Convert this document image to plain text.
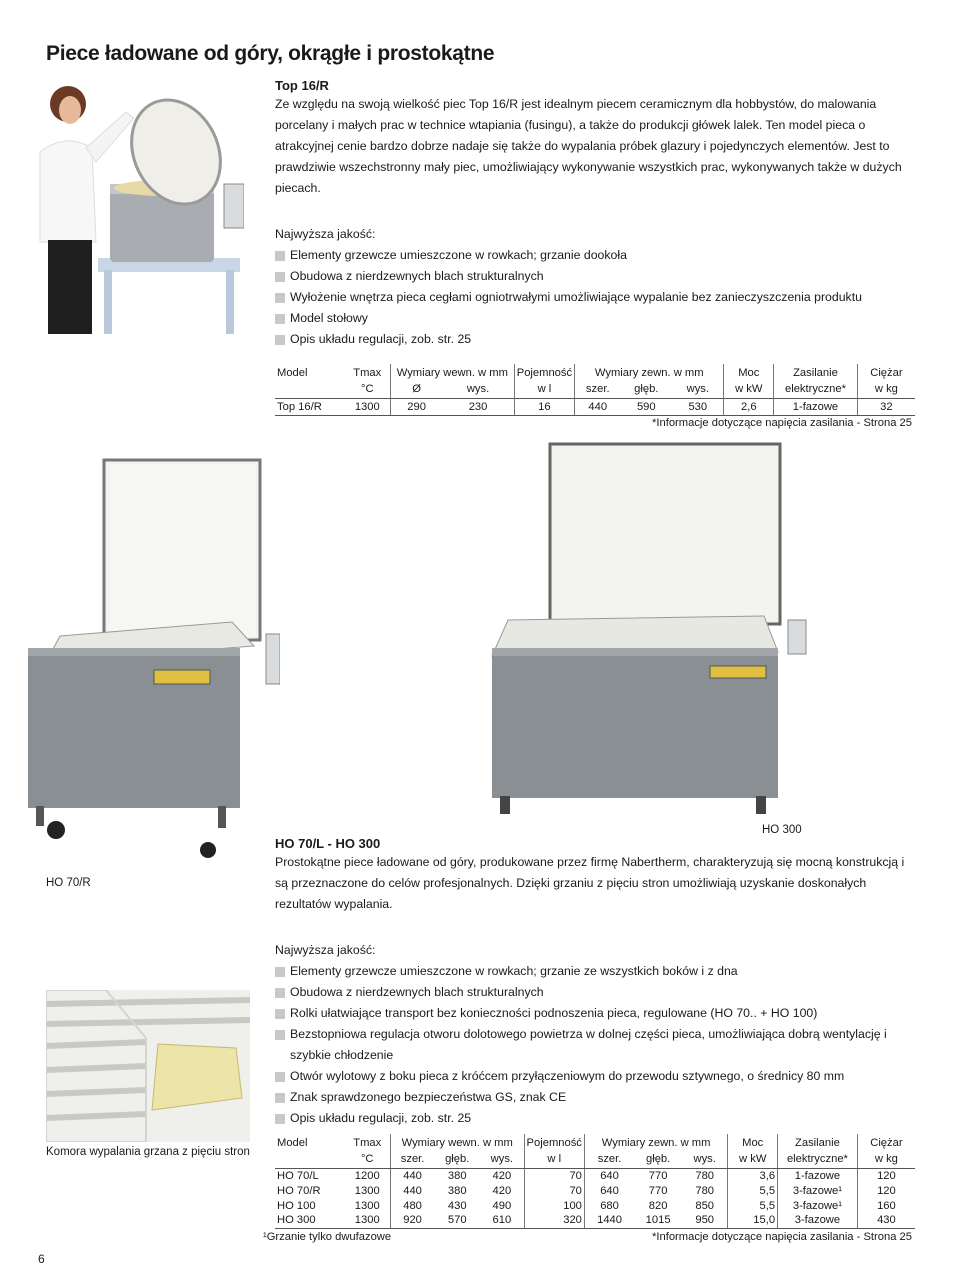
Piece ładowane od góry, okrągłe i prostokątne
Top 16/R
Ze względu na swoją wielkość piec Top 16/R jest idealnym piecem ceramicznym dla hobbystów, do malowania porcelany i małych prac w technice wtapiania (fusingu), a także do produkcji główek lalek. Ten model pieca o atrakcyjnej cenie bardzo dobrze nadaje się także do wypalania próbek glazury i pojedynczych elementów. Jest to prawdziwie wszechstronny mały piec, umożliwiający wykonywanie wszystkich prac, wykonywanych także w dużych piecach.
Najwyższa jakość:
Elementy grzewcze umieszczone w rowkach; grzanie dookoła
Obudowa z nierdzewnych blach strukturalnych
Wyłożenie wnętrza pieca cegłami ogniotrwałymi umożliwiające wypalanie bez zanieczyszczenia produktu
Model stołowy
Opis układu regulacji, zob. str. 25
Model	Tmax	Wymiary wewn. w mm		Pojemność	Wymiary zewn. w mm			Moc	Zasilanie	Ciężar
	°C	Ø	wys.	w l	szer.	głęb.	wys.	w kW	elektryczne*	w kg
Top 16/R	1300	290	230	16	440	590	530	2,6	1-fazowe	32
*Informacje dotyczące napięcia zasilania - Strona 25
HO 300
HO 70/R
HO 70/L - HO 300
Prostokątne piece ładowane od góry, produkowane przez firmę Nabertherm, charakteryzują się mocną konstrukcją i są przeznaczone do celów profesjonalnych. Dzięki grzaniu z pięciu stron umożliwiają uzyskanie doskonałych rezultatów wypalania.
Najwyższa jakość:
Elementy grzewcze umieszczone w rowkach; grzanie ze wszystkich boków i z dna
Obudowa z nierdzewnych blach strukturalnych
Rolki ułatwiające transport bez konieczności podnoszenia pieca, regulowane (HO 70.. + HO 100)
Bezstopniowa regulacja otworu dolotowego powietrza w dolnej części pieca, umożliwiająca dobrą wentylację i szybkie chłodzenie
Otwór wylotowy z boku pieca z króćcem przyłączeniowym do przewodu sztywnego, o średnicy 80 mm
Znak sprawdzonego bezpieczeństwa GS, znak CE
Opis układu regulacji, zob. str. 25
Komora wypalania grzana z pięciu stron
Model	Tmax	Wymiary wewn. w mm			Pojemność	Wymiary zewn. w mm			Moc	Zasilanie	Ciężar
	°C	szer.	głęb.	wys.	w l	szer.	głęb.	wys.	w kW	elektryczne*	w kg
HO 70/L	1200	440	380	420	70	640	770	780	3,6	1-fazowe	120
HO 70/R	1300	440	380	420	70	640	770	780	5,5	3-fazowe¹	120
HO 100	1300	480	430	490	100	680	820	850	5,5	3-fazowe¹	160
HO 300	1300	920	570	610	320	1440	1015	950	15,0	3-fazowe	430
¹Grzanie tylko dwufazowe	*Informacje dotyczące napięcia zasilania - Strona 25
6
